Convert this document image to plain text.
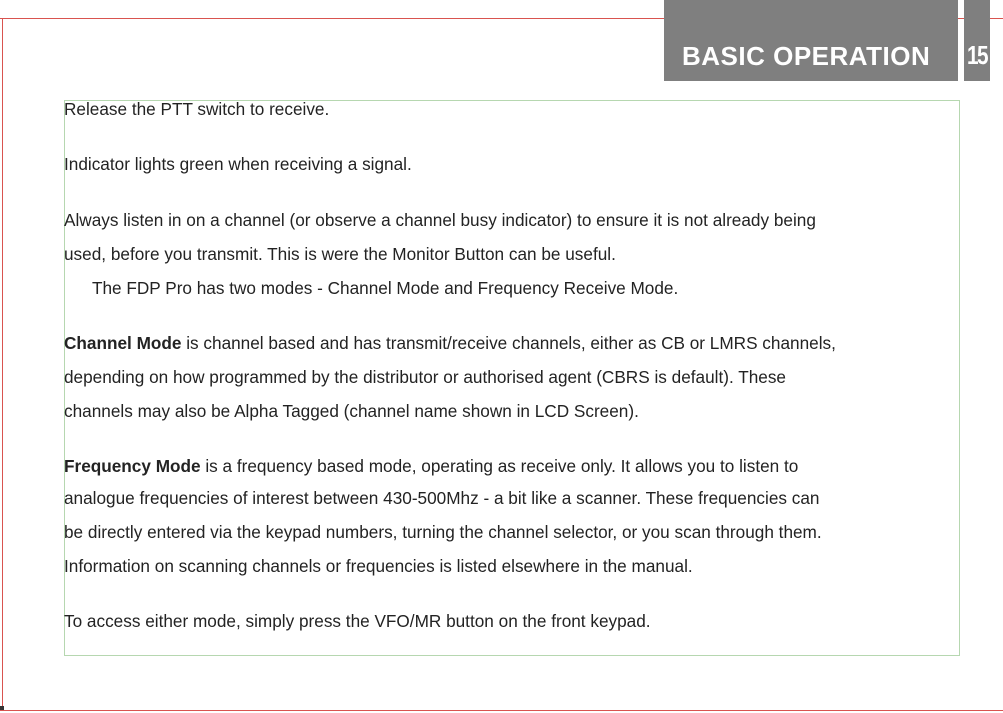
BASIC OPERATION 15
Release the PTT switch to receive.
Indicator lights green when receiving a signal.
Always listen in on a channel (or observe a channel busy indicator) to ensure it is not already being
used, before you transmit. This is were the Monitor Button can be useful.
The FDP Pro has two modes - Channel Mode and Frequency Receive Mode.
Channel Mode is channel based and has transmit/receive channels, either as CB or LMRS channels,
depending on how programmed by the distributor or authorised agent (CBRS is default). These
channels may also be Alpha Tagged (channel name shown in LCD Screen).
Frequency Mode is a frequency based mode, operating as receive only. It allows you to listen to
analogue frequencies of interest between 430-500Mhz - a bit like a scanner. These frequencies can
be directly entered via the keypad numbers, turning the channel selector, or you scan through them.
Information on scanning channels or frequencies is listed elsewhere in the manual.
To access either mode, simply press the VFO/MR button on the front keypad.
